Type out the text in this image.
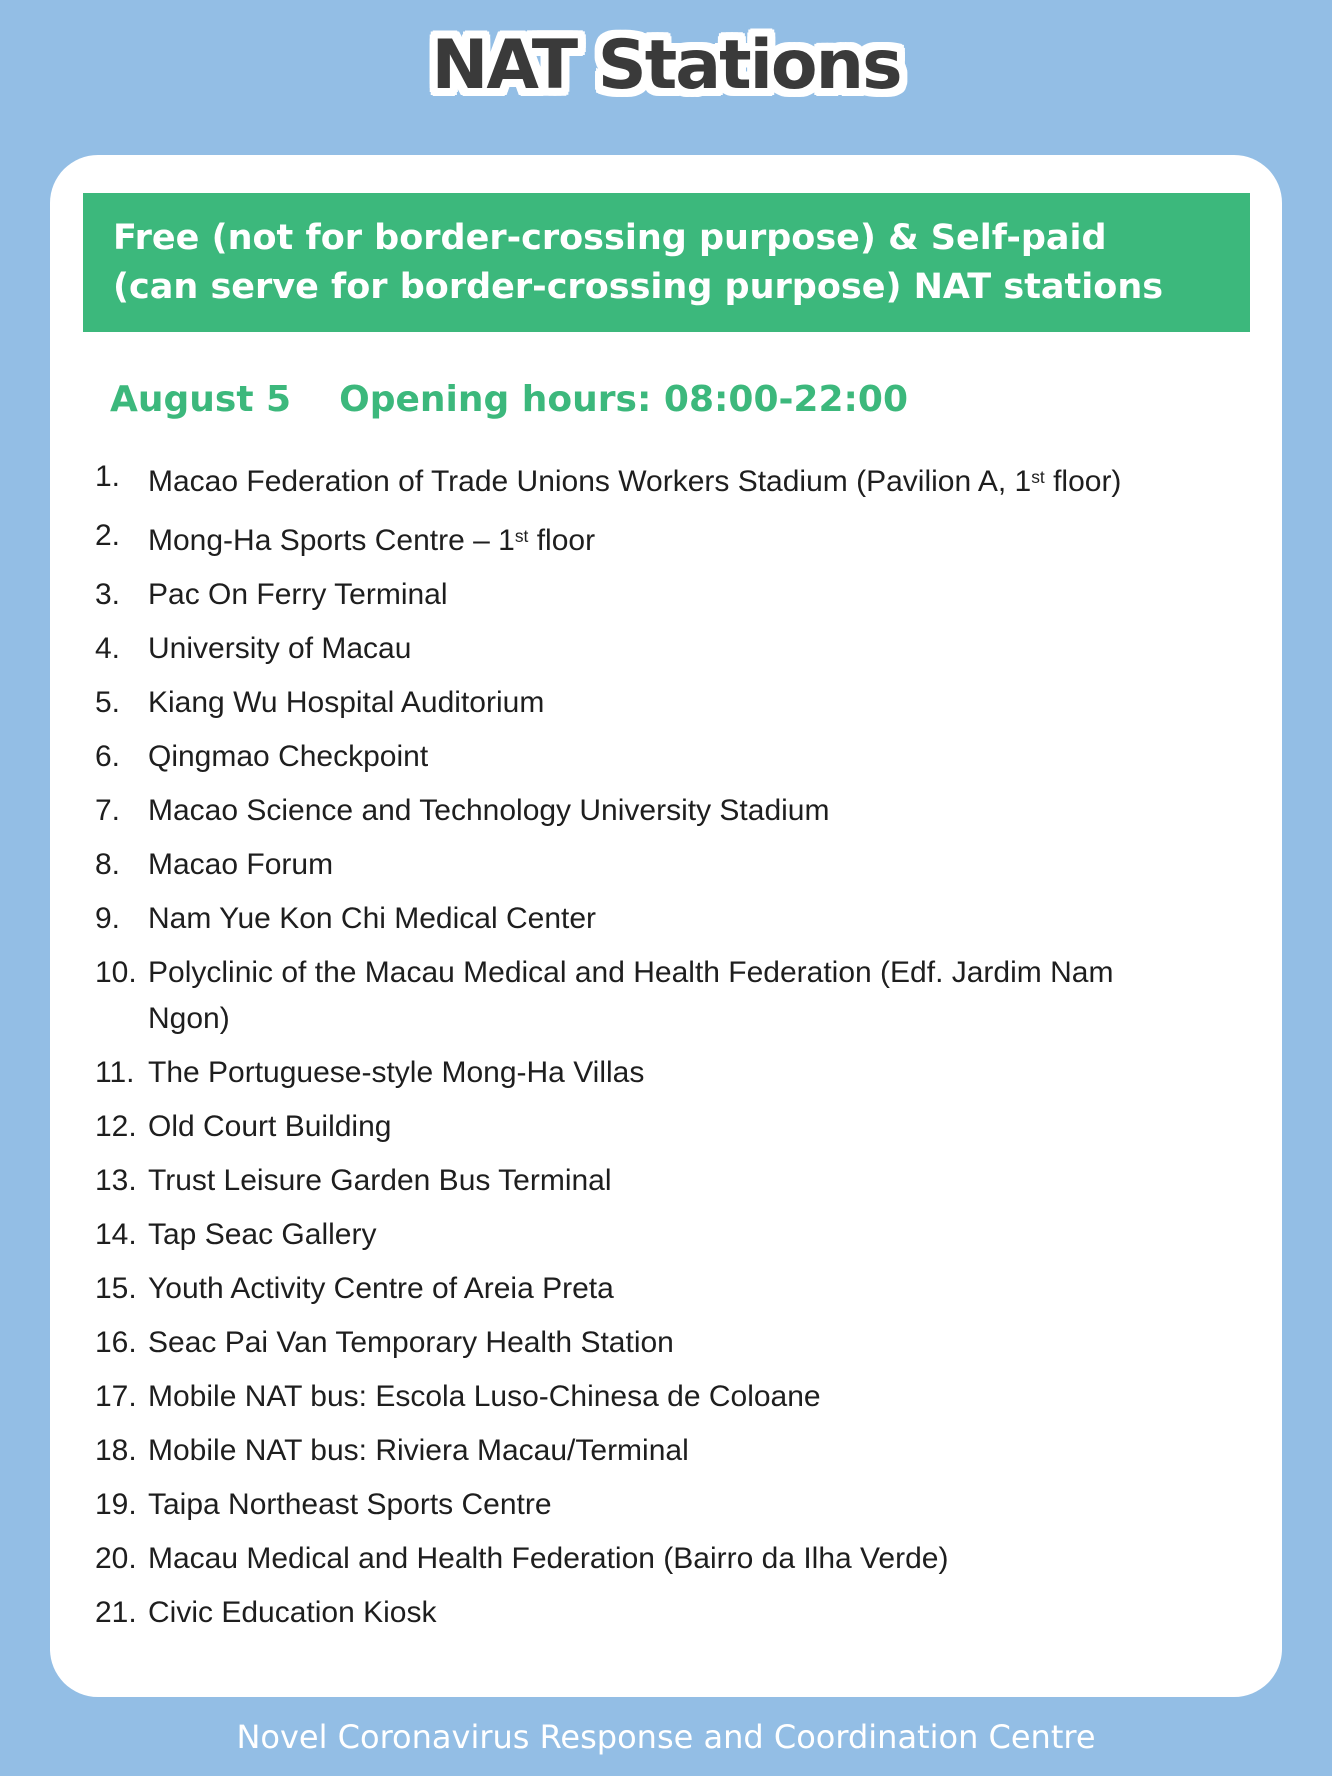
NAT Stations
Free (not for border-crossing purpose) & Self-paid
(can serve for border-crossing purpose) NAT stations
August 5 Opening hours: 08:00-22:00
1. Macao Federation of Trade Unions Workers Stadium (Pavilion A, 1st floor)
2. Mong-Ha Sports Centre – 1st floor
3. Pac On Ferry Terminal
4. University of Macau
5. Kiang Wu Hospital Auditorium
6. Qingmao Checkpoint
7. Macao Science and Technology University Stadium
8. Macao Forum
9. Nam Yue Kon Chi Medical Center
10. Polyclinic of the Macau Medical and Health Federation (Edf. Jardim Nam
Ngon)
11. The Portuguese-style Mong-Ha Villas
12. Old Court Building
13. Trust Leisure Garden Bus Terminal
14. Tap Seac Gallery
15. Youth Activity Centre of Areia Preta
16. Seac Pai Van Temporary Health Station
17. Mobile NAT bus: Escola Luso-Chinesa de Coloane
18. Mobile NAT bus: Riviera Macau/Terminal
19. Taipa Northeast Sports Centre
20. Macau Medical and Health Federation (Bairro da Ilha Verde)
21. Civic Education Kiosk
Novel Coronavirus Response and Coordination Centre
